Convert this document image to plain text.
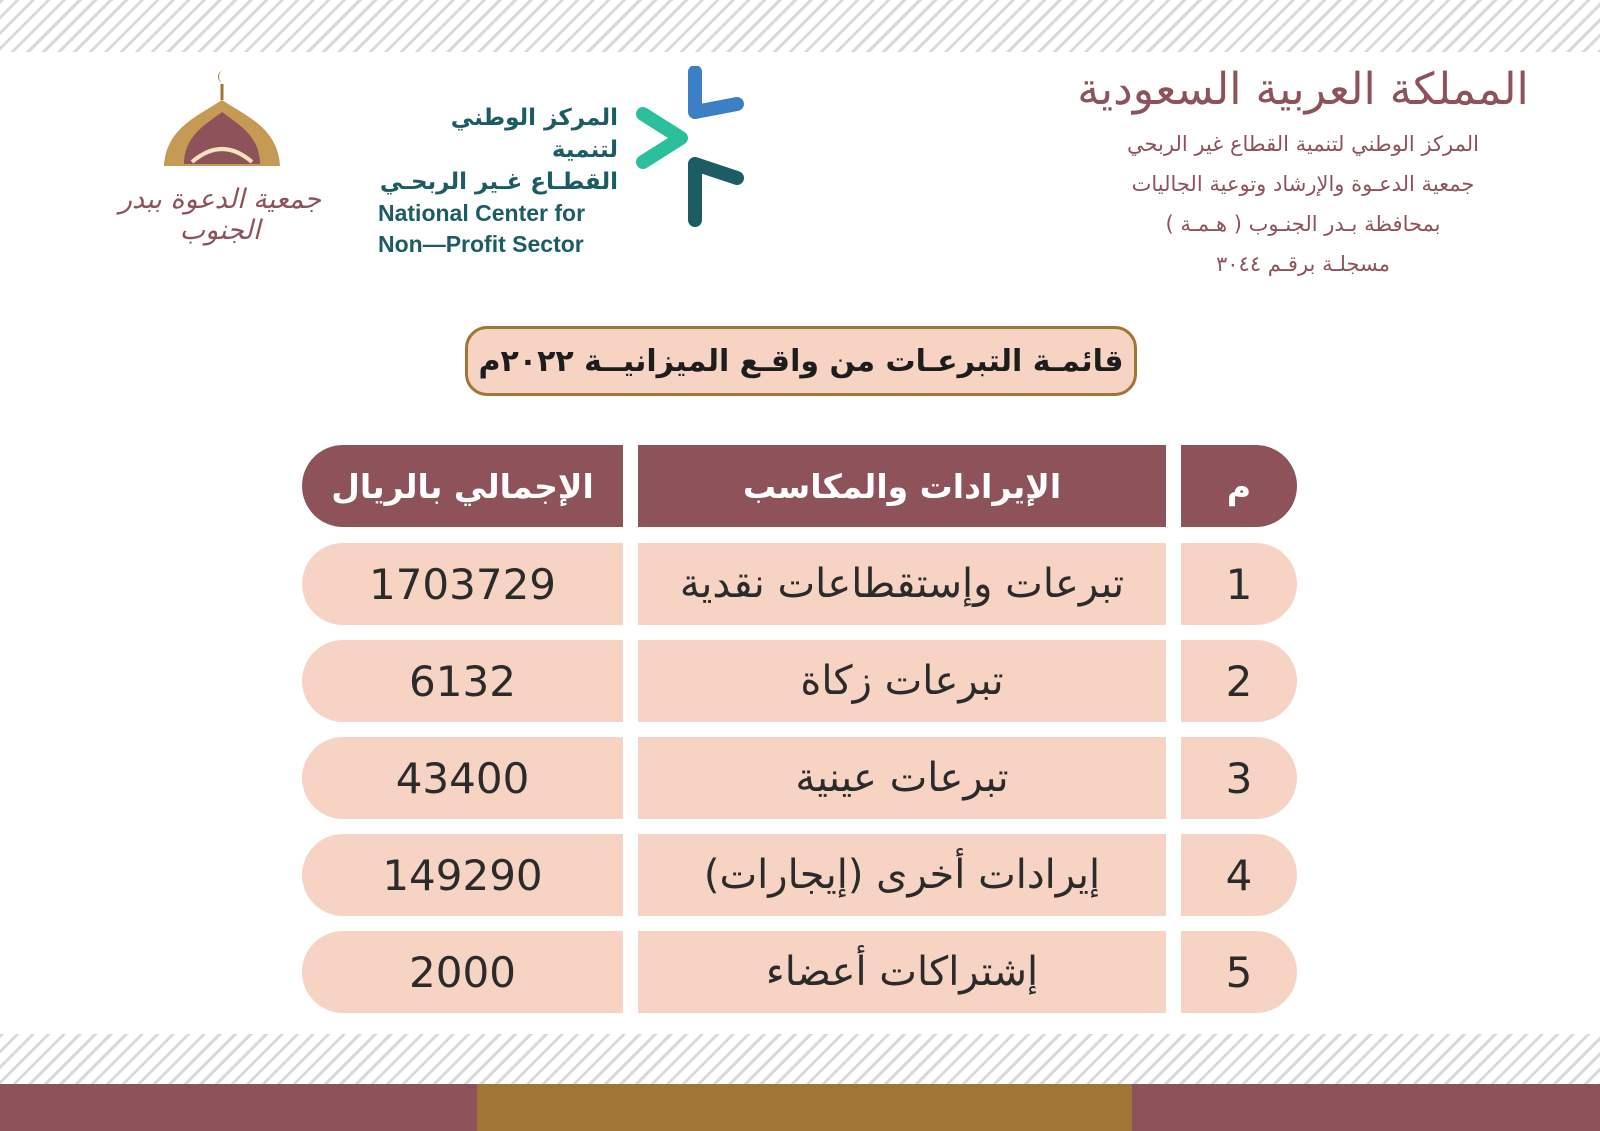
المملكة العربية السعودية
المركز الوطني لتنمية القطاع غير الربحي
جمعية الدعـوة والإرشاد وتوعية الجاليات
بمحافظة بـدر الجنـوب ( هـمـة )
مسجلـة برقـم ٣٠٤٤
المركز الوطني لتنمية
القطـاع غـير الربحـي
National Center for
Non—Profit Sector
جمعية الدعوة ببدر الجنوب
قائمـة التبرعـات من واقـع الميزانيــة ٢٠٢٢م
م
الإيرادات والمكاسب
الإجمالي بالريال
1
تبرعات وإستقطاعات نقدية
1703729
2
تبرعات زكاة
6132
3
تبرعات عينية
43400
4
إيرادات أخرى (إيجارات)
149290
5
إشتراكات أعضاء
2000
